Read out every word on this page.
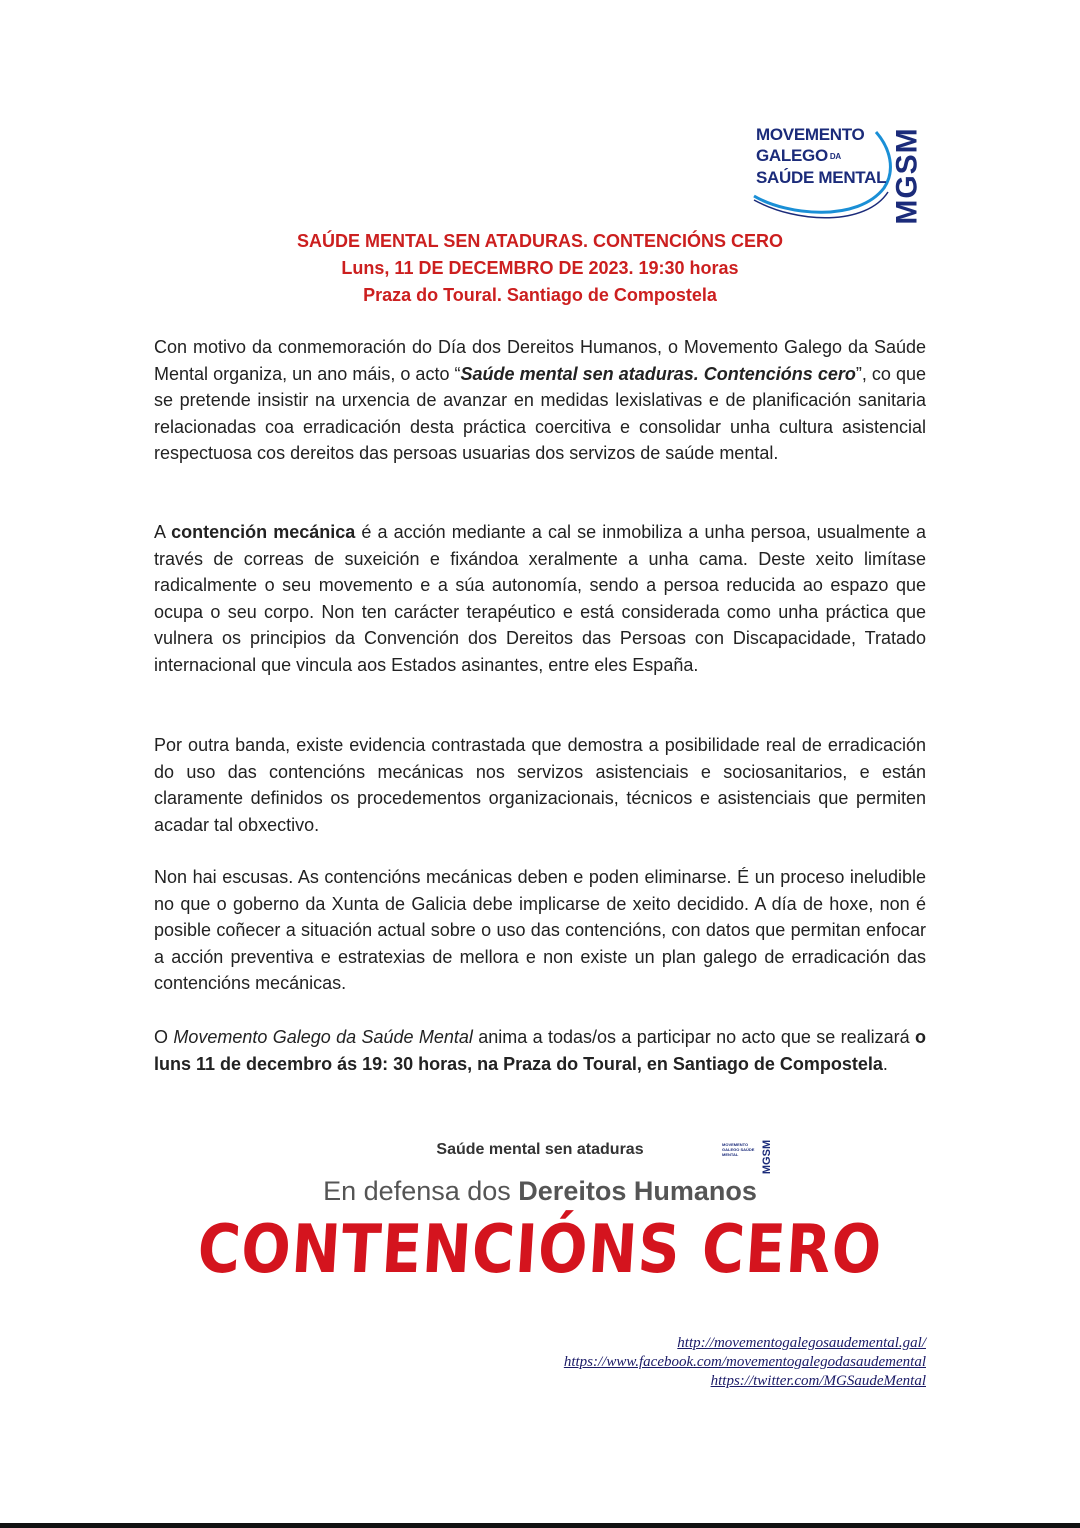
MOVEMENTO
GALEGO DA
SAÚDE MENTAL MGSM
SAÚDE MENTAL SEN ATADURAS. CONTENCIÓNS CERO
Luns, 11 DE DECEMBRO DE 2023. 19:30 horas
Praza do Toural. Santiago de Compostela
Con motivo da conmemoración do Día dos Dereitos Humanos, o Movemento Galego da Saúde Mental organiza, un ano máis, o acto “Saúde mental sen ataduras. Contencións cero”, co que se pretende insistir na urxencia de avanzar en medidas lexislativas e de planificación sanitaria relacionadas coa erradicación desta práctica coercitiva e consolidar unha cultura asistencial respectuosa cos dereitos das persoas usuarias dos servizos de saúde mental.
A contención mecánica é a acción mediante a cal se inmobiliza a unha persoa, usualmente a través de correas de suxeición e fixándoa xeralmente a unha cama. Deste xeito limítase radicalmente o seu movemento e a súa autonomía, sendo a persoa reducida ao espazo que ocupa o seu corpo. Non ten carácter terapéutico e está considerada como unha práctica que vulnera os principios da Convención dos Dereitos das Persoas con Discapacidade, Tratado internacional que vincula aos Estados asinantes, entre eles España.
Por outra banda, existe evidencia contrastada que demostra a posibilidade real de erradicación do uso das contencións mecánicas nos servizos asistenciais e sociosanitarios, e están claramente definidos os procedementos organizacionais, técnicos e asistenciais que permiten acadar tal obxectivo.
Non hai escusas. As contencións mecánicas deben e poden eliminarse. É un proceso ineludible no que o goberno da Xunta de Galicia debe implicarse de xeito decidido. A día de hoxe, non é posible coñecer a situación actual sobre o uso das contencións, con datos que permitan enfocar a acción preventiva e estratexias de mellora e non existe un plan galego de erradicación das contencións mecánicas.
O Movemento Galego da Saúde Mental anima a todas/os a participar no acto que se realizará o luns 11 de decembro ás 19: 30 horas, na Praza do Toural, en Santiago de Compostela.
Saúde mental sen ataduras	MOVEMENTO GALEGO SAÚDE MENTAL	MGSM
En defensa dos Dereitos Humanos
CONTENCIÓNS CERO
http://movementogalegosaudemental.gal/
https://www.facebook.com/movementogalegodasaudemental
https://twitter.com/MGSaudeMental
